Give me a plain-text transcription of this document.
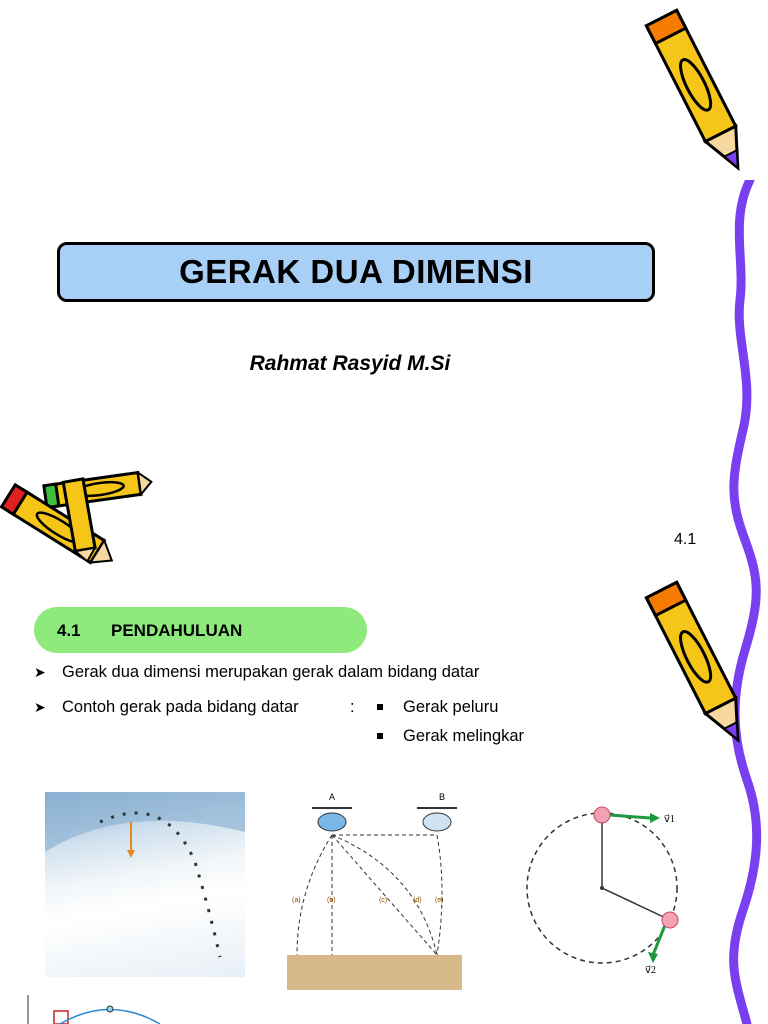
GERAK DUA DIMENSI
Rahmat Rasyid M.Si
4.1
4.1 PENDAHULUAN
➤ Gerak dua dimensi merupakan gerak dalam bidang datar
➤ Contoh gerak pada bidang datar	:	Gerak peluru
Gerak melingkar
A	B
(a)	(b)	(c)	(d) (e)
v⃗1
v⃗2
